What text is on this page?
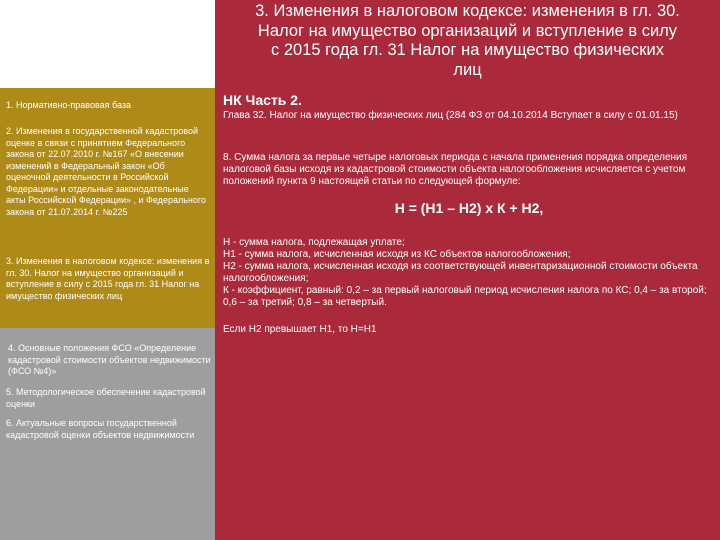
3. Изменения в налоговом кодексе: изменения в гл. 30.
Налог на имущество организаций и вступление в силу
с 2015 года гл. 31 Налог на имущество физических
лиц
1. Нормативно-правовая база
2. Изменения в государственной кадастровой оценке в связи с принятием Федерального закона от 22.07.2010 г. №167 «О внесении изменений в Федеральный закон «Об оценочной деятельности в Российской Федерации» и отдельные законодательные акты Российской Федерации» , и Федерального закона от 21.07.2014 г. №225
3. Изменения в налоговом кодексе: изменения в гл. 30. Налог на имущество организаций и вступление в силу с 2015 года гл. 31 Налог на имущество физических лиц
4. Основные положения ФСО «Определение кадастровой стоимости объектов недвижимости (ФСО №4)»
5. Методологическое обеспечение кадастровой оценки
6. Актуальные вопросы государственной кадастровой оценки объектов недвижимости
НК Часть 2.
Глава 32. Налог на имущество физических лиц (284 ФЗ от 04.10.2014 Вступает в силу с 01.01.15)
8. Сумма налога за первые четыре налоговых периода с начала применения порядка определения налоговой базы исходя из кадастровой стоимости объекта налогообложения исчисляется с учетом положений пункта 9 настоящей статьи по следующей формуле:
Н = (Н1 – Н2) х К + Н2,
Н - сумма налога, подлежащая уплате;
Н1 - сумма налога, исчисленная исходя из КС объектов налогообложения;
Н2 - сумма налога, исчисленная исходя из соответствующей инвентаризационной стоимости объекта налогообложения;
К - коэффициент, равный: 0,2 – за первый налоговый период исчисления налога по КС; 0,4 – за второй; 0,6 – за третий; 0,8 – за четвертый.
Если Н2 превышает Н1, то Н=Н1
